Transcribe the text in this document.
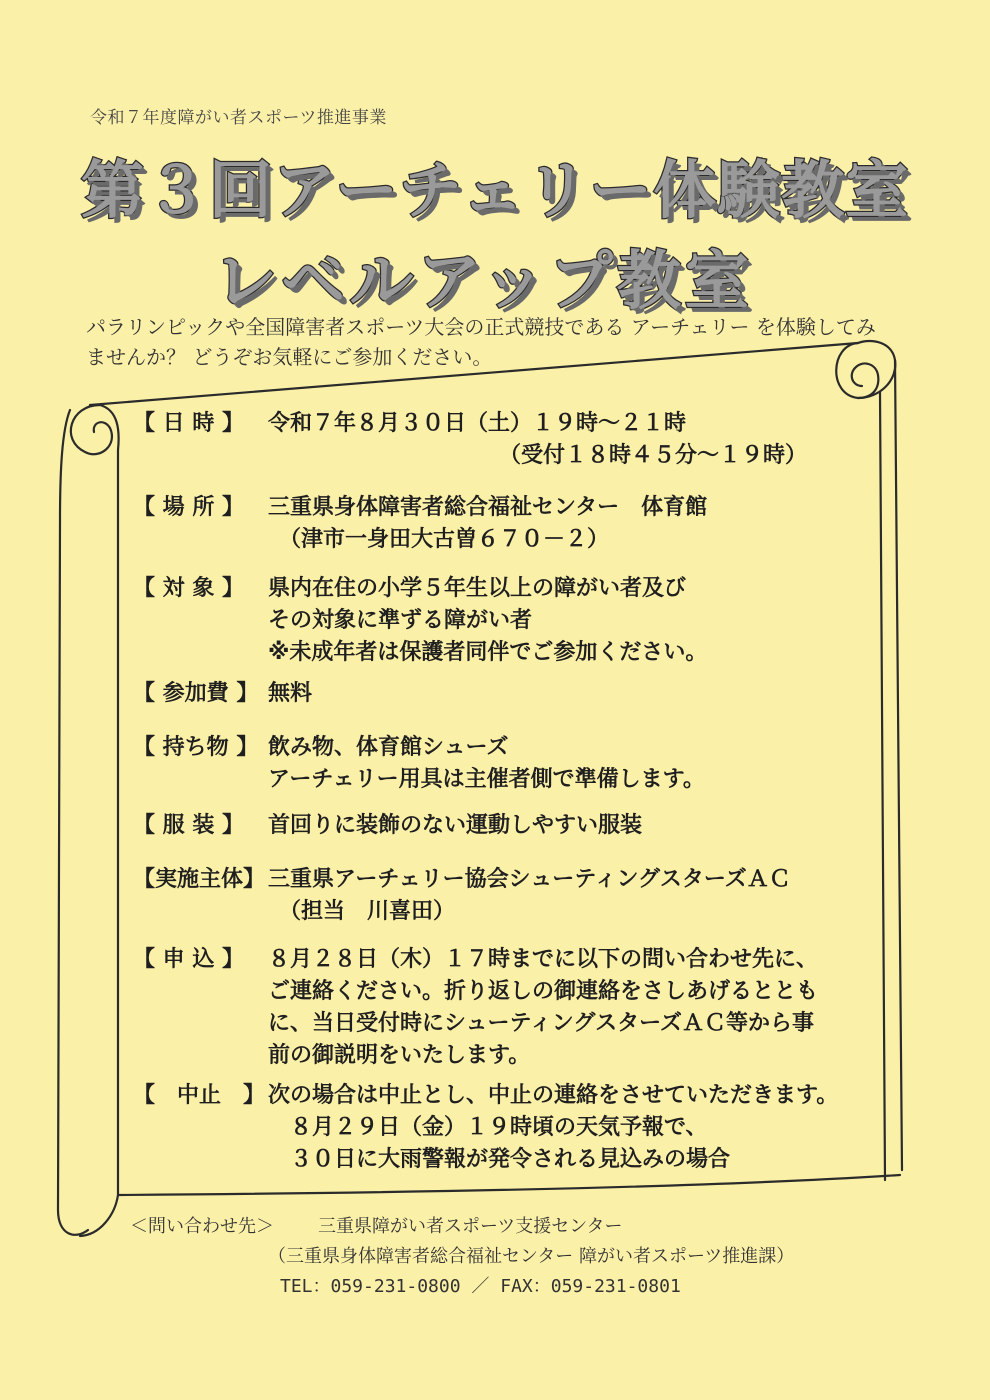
令和７年度障がい者スポーツ推進事業
第３回アーチェリー体験教室
レベルアップ教室
パラリンピックや全国障害者スポーツ大会の正式競技である アーチェリー を体験してみ
ませんか？ どうぞお気軽にご参加ください。
【 日 時 】	令和７年８月３０日（土）１９時～２１時
　　　　　　　　　　　（受付１８時４５分～１９時）
【 場 所 】	三重県身体障害者総合福祉センター　体育館
　（津市一身田大古曽６７０－２）
【 対 象 】	県内在住の小学５年生以上の障がい者及び
その対象に準ずる障がい者
※未成年者は保護者同伴でご参加ください。
【 参加費 】 無料
【 持ち物 】 飲み物、体育館シューズ
アーチェリー用具は主催者側で準備します。
【 服 装 】	首回りに装飾のない運動しやすい服装
【実施主体】 三重県アーチェリー協会シューティングスターズＡＣ
　（担当　川喜田）
【 申 込 】	８月２８日（木）１７時までに以下の問い合わせ先に、
ご連絡ください。折り返しの御連絡をさしあげるととも
に、当日受付時にシューティングスターズＡＣ等から事
前の御説明をいたします。
【　中止　】 次の場合は中止とし、中止の連絡をさせていただきます。
　８月２９日（金）１９時頃の天気予報で、
　３０日に大雨警報が発令される見込みの場合
＜問い合わせ先＞ 三重県障がい者スポーツ支援センター
（三重県身体障害者総合福祉センター 障がい者スポーツ推進課）
TEL：059-231-0800 ／ FAX：059-231-0801
